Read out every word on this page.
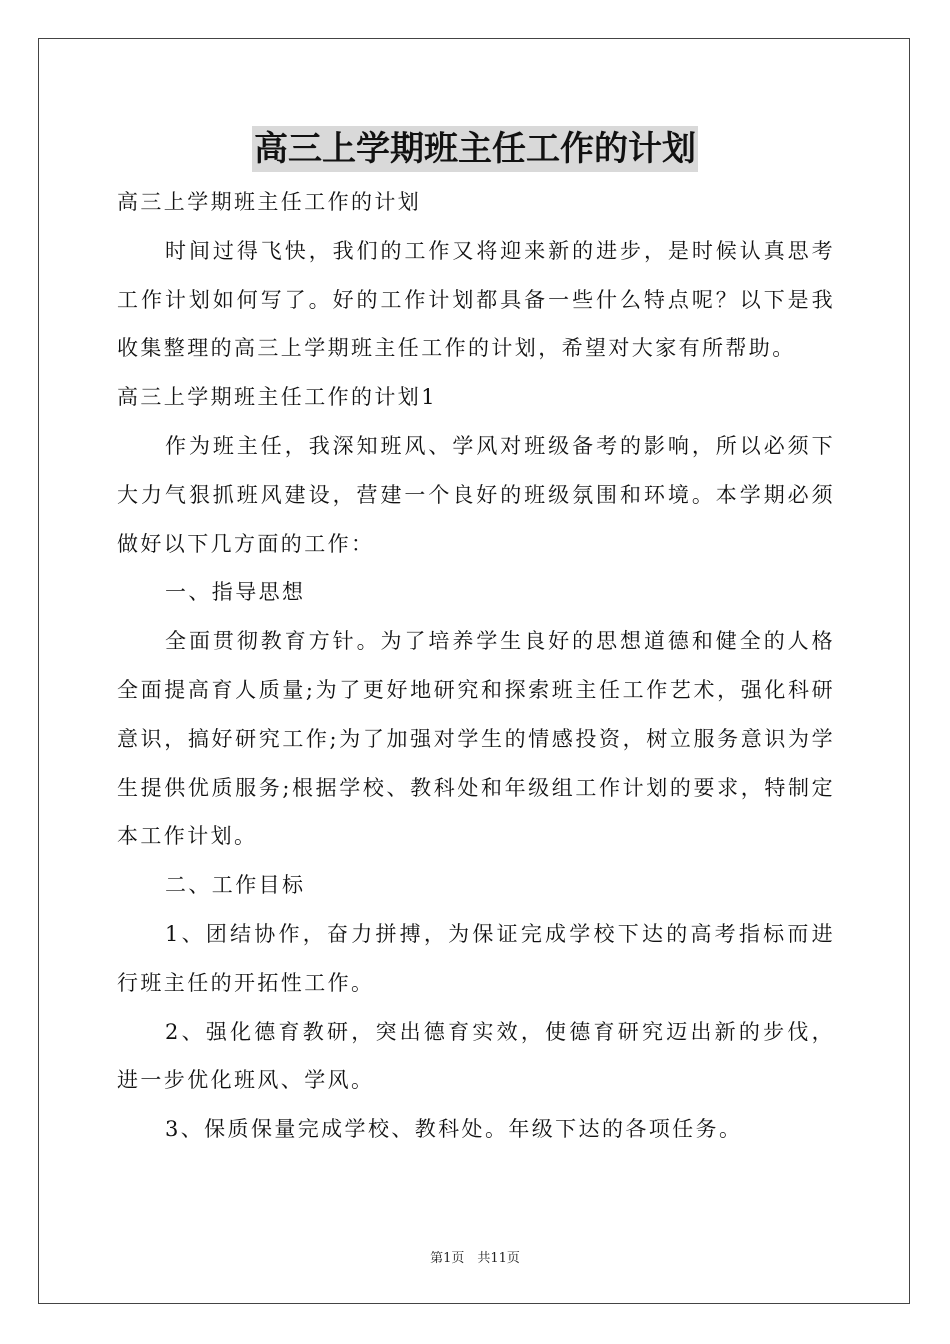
高三上学期班主任工作的计划
高三上学期班主任工作的计划

时间过得飞快，我们的工作又将迎来新的进步，是时候认真思考工作计划如何写了。好的工作计划都具备一些什么特点呢？以下是我收集整理的高三上学期班主任工作的计划，希望对大家有所帮助。

高三上学期班主任工作的计划1

作为班主任，我深知班风、学风对班级备考的影响，所以必须下大力气狠抓班风建设，营建一个良好的班级氛围和环境。本学期必须做好以下几方面的工作：

一、指导思想

全面贯彻教育方针。为了培养学生良好的思想道德和健全的人格全面提高育人质量;为了更好地研究和探索班主任工作艺术，强化科研意识，搞好研究工作;为了加强对学生的情感投资，树立服务意识为学生提供优质服务;根据学校、教科处和年级组工作计划的要求，特制定本工作计划。

二、工作目标

1、团结协作，奋力拼搏，为保证完成学校下达的高考指标而进行班主任的开拓性工作。

2、强化德育教研，突出德育实效，使德育研究迈出新的步伐，进一步优化班风、学风。

3、保质保量完成学校、教科处。年级下达的各项任务。

第1页　共11页
